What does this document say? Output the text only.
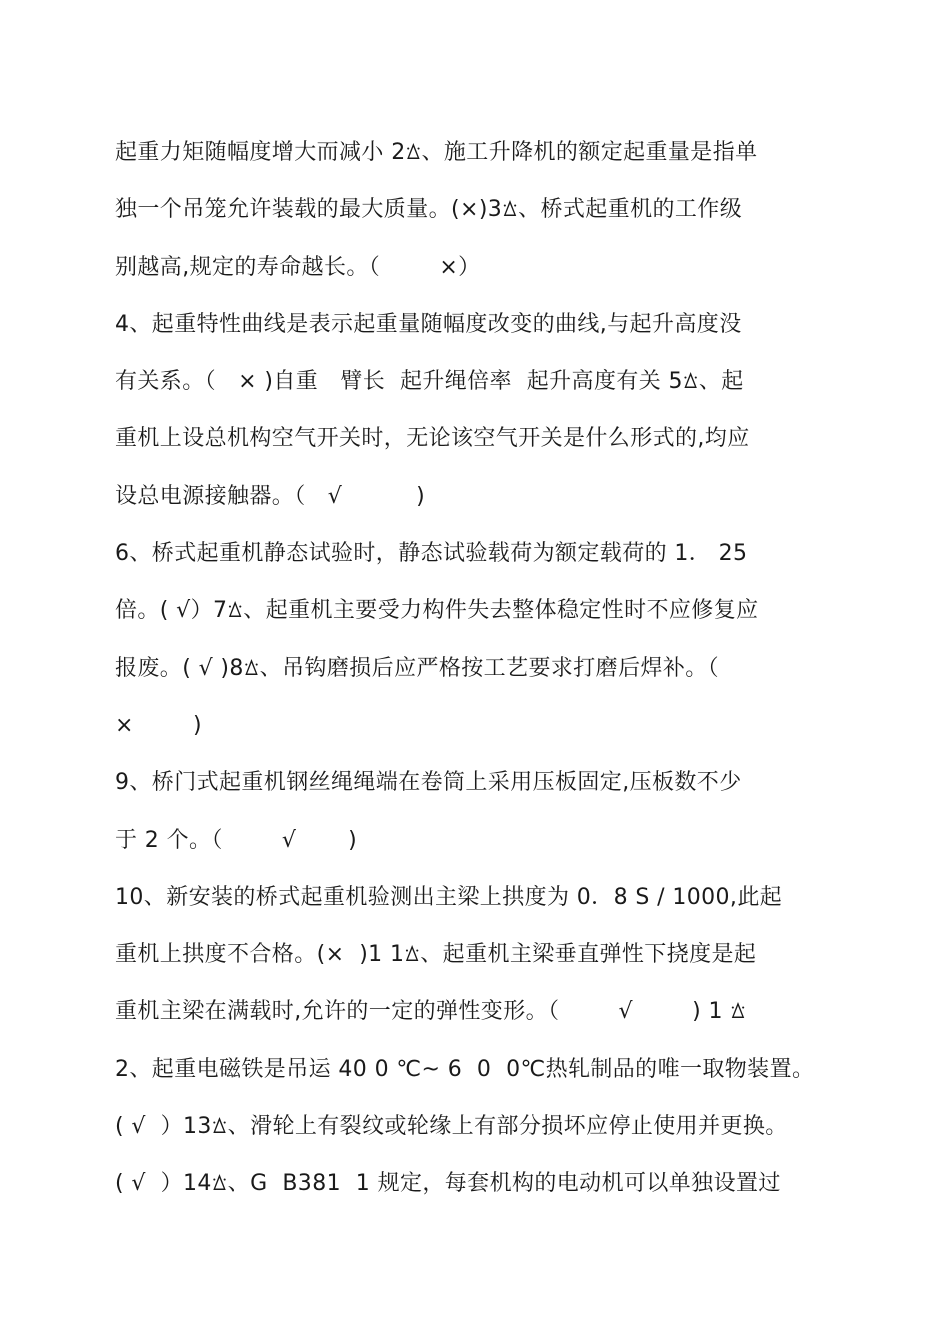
起重力矩随幅度增大而减小 2ꕖ、施工升降机的额定起重量是指单
独一个吊笼允许装载的最大质量。(×)3ꕖ、桥式起重机的工作级
别越高,规定的寿命越长。（        ×）
4、起重特性曲线是表示起重量随幅度改变的曲线,与起升高度没
有关系。（   × )自重   臂长  起升绳倍率  起升高度有关 5ꕖ、起
重机上设总机构空气开关时，无论该空气开关是什么形式的,均应
设总电源接触器。（   √          )
6、桥式起重机静态试验时，静态试验载荷为额定载荷的 1． 25
倍。( √）7ꕖ、起重机主要受力构件失去整体稳定性时不应修复应
报废。( √ )8ꕖ、吊钩磨损后应严格按工艺要求打磨后焊补。（
×        )
9、桥门式起重机钢丝绳绳端在卷筒上采用压板固定,压板数不少
于 2 个。（        √       )
10、新安装的桥式起重机验测出主梁上拱度为 0．8 S / 1000,此起
重机上拱度不合格。(×  )1 1ꕖ、起重机主梁垂直弹性下挠度是起
重机主梁在满载时,允许的一定的弹性变形。（        √        ) 1 ꕖ
2、起重电磁铁是吊运 40 0 ℃~ 6  0  0℃热轧制品的唯一取物装置。
( √  ）13ꕖ、滑轮上有裂纹或轮缘上有部分损坏应停止使用并更换。
( √  ）14ꕖ、G  B381  1 规定，每套机构的电动机可以单独设置过
